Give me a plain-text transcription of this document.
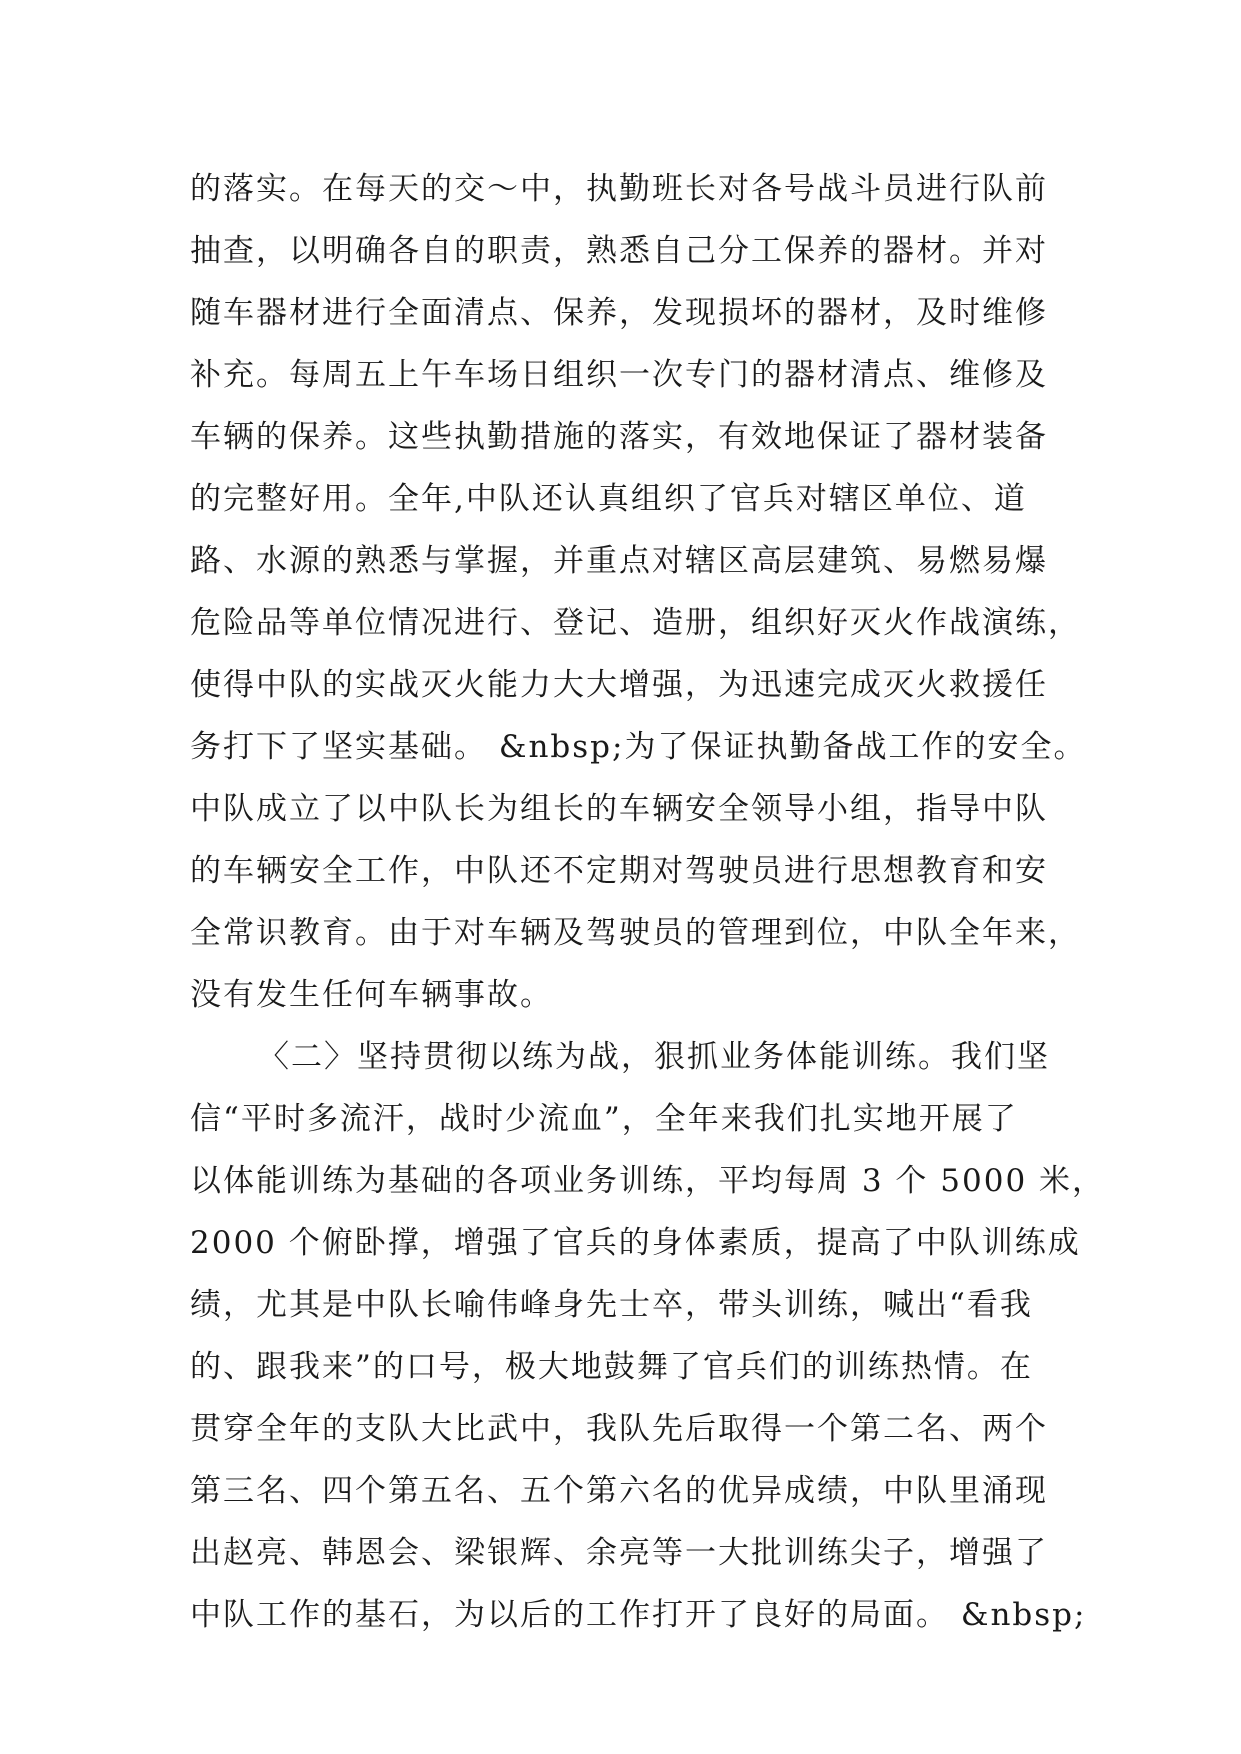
的落实。在每天的交～中，执勤班长对各号战斗员进行队前
抽查，以明确各自的职责，熟悉自己分工保养的器材。并对
随车器材进行全面清点、保养，发现损坏的器材，及时维修
补充。每周五上午车场日组织一次专门的器材清点、维修及
车辆的保养。这些执勤措施的落实，有效地保证了器材装备
的完整好用。全年,中队还认真组织了官兵对辖区单位、道
路、水源的熟悉与掌握，并重点对辖区高层建筑、易燃易爆
危险品等单位情况进行、登记、造册，组织好灭火作战演练，
使得中队的实战灭火能力大大增强，为迅速完成灭火救援任
务打下了坚实基础。 &nbsp;为了保证执勤备战工作的安全。
中队成立了以中队长为组长的车辆安全领导小组，指导中队
的车辆安全工作，中队还不定期对驾驶员进行思想教育和安
全常识教育。由于对车辆及驾驶员的管理到位，中队全年来，
没有发生任何车辆事故。
〈二〉坚持贯彻以练为战，狠抓业务体能训练。我们坚
信“平时多流汗，战时少流血”，全年来我们扎实地开展了
以体能训练为基础的各项业务训练，平均每周 3 个 5000 米，
2000 个俯卧撑，增强了官兵的身体素质，提高了中队训练成
绩，尤其是中队长喻伟峰身先士卒，带头训练，喊出“看我
的、跟我来”的口号，极大地鼓舞了官兵们的训练热情。在
贯穿全年的支队大比武中，我队先后取得一个第二名、两个
第三名、四个第五名、五个第六名的优异成绩，中队里涌现
出赵亮、韩恩会、梁银辉、余亮等一大批训练尖子，增强了
中队工作的基石，为以后的工作打开了良好的局面。 &nbsp;
